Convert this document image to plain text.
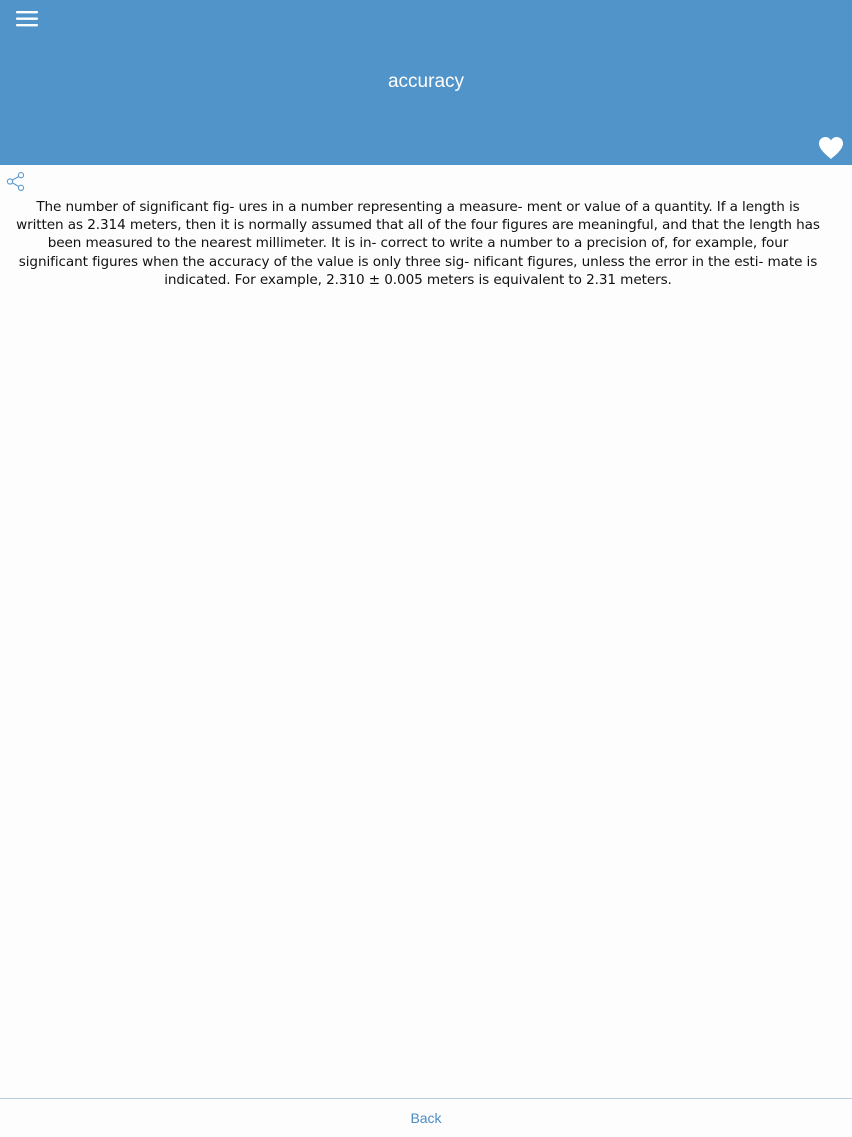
accuracy
The number of significant fig- ures in a number representing a measure- ment or value of a quantity. If a length is written as 2.314 meters, then it is normally assumed that all of the four figures are meaningful, and that the length has been measured to the nearest millimeter. It is in- correct to write a number to a precision of, for example, four significant figures when the accuracy of the value is only three sig- nificant figures, unless the error in the esti- mate is indicated. For example, 2.310 ± 0.005 meters is equivalent to 2.31 meters.
Back
